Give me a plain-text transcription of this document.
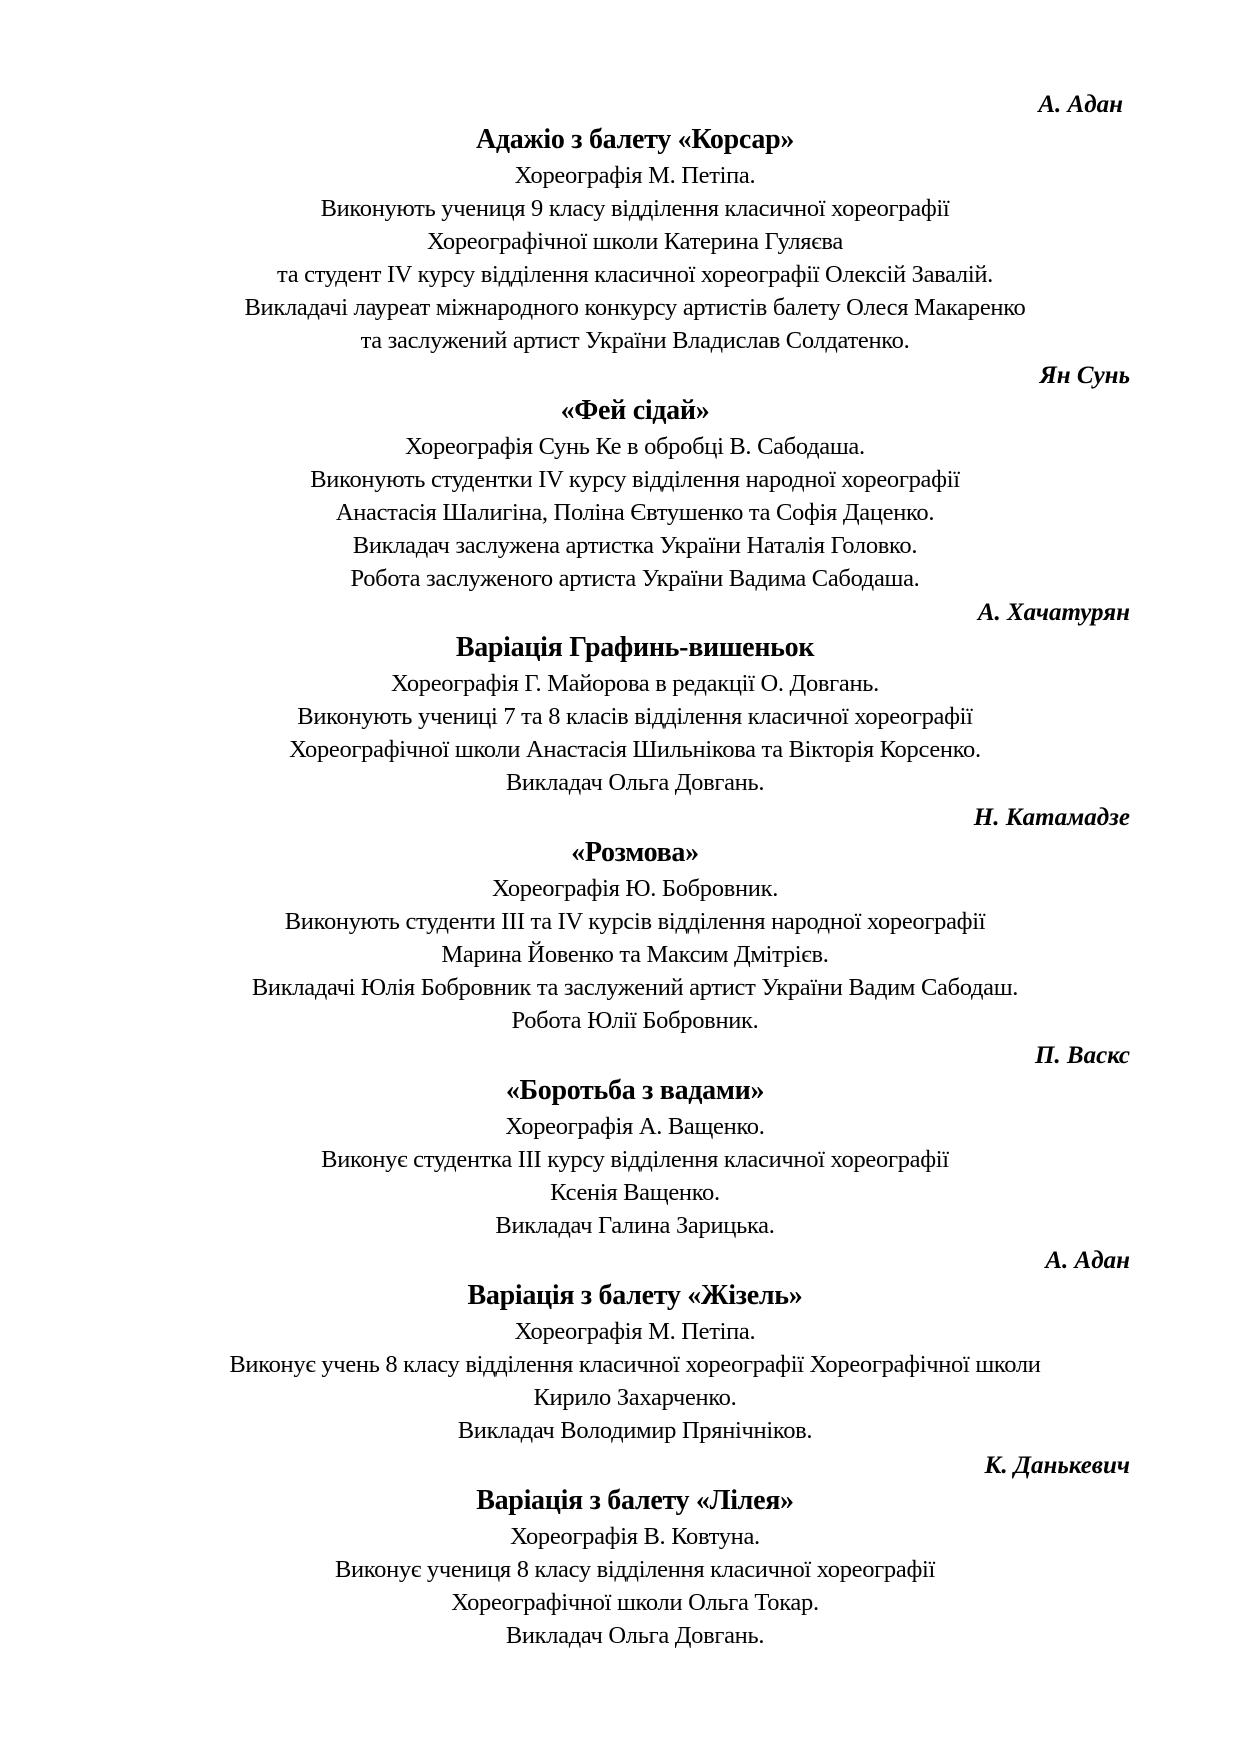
А. Адан
Адажіо з балету «Корсар»
Хореографія М. Петіпа.
Виконують учениця 9 класу відділення класичної хореографії
Хореографічної школи Катерина Гуляєва
та студент IV курсу відділення класичної хореографії Олексій Завалій.
Викладачі лауреат міжнародного конкурсу артистів балету Олеся Макаренко
та заслужений артист України Владислав Солдатенко.
Ян Сунь
«Фей сідай»
Хореографія Сунь Ке в обробці В. Сабодаша.
Виконують студентки IV курсу відділення народної хореографії
Анастасія Шалигіна, Поліна Євтушенко та Софія Даценко.
Викладач заслужена артистка України Наталія Головко.
Робота заслуженого артиста України Вадима Сабодаша.
А. Хачатурян
Варіація Графинь-вишеньок
Хореографія Г. Майорова в редакції О. Довгань.
Виконують учениці 7 та 8 класів відділення класичної хореографії
Хореографічної школи Анастасія Шильнікова та Вікторія Корсенко.
Викладач Ольга Довгань.
Н. Катамадзе
«Розмова»
Хореографія Ю. Бобровник.
Виконують студенти III та IV курсів відділення народної хореографії
Марина Йовенко та Максим Дмітрієв.
Викладачі Юлія Бобровник та заслужений артист України Вадим Сабодаш.
Робота Юлії Бобровник.
П. Васкс
«Боротьба з вадами»
Хореографія А. Ващенко.
Виконує студентка III курсу відділення класичної хореографії
Ксенія Ващенко.
Викладач Галина Зарицька.
А. Адан
Варіація з балету «Жізель»
Хореографія М. Петіпа.
Виконує учень 8 класу відділення класичної хореографії Хореографічної школи
Кирило Захарченко.
Викладач Володимир Прянічніков.
К. Данькевич
Варіація з балету «Лілея»
Хореографія В. Ковтуна.
Виконує учениця 8 класу відділення класичної хореографії
Хореографічної школи Ольга Токар.
Викладач Ольга Довгань.
